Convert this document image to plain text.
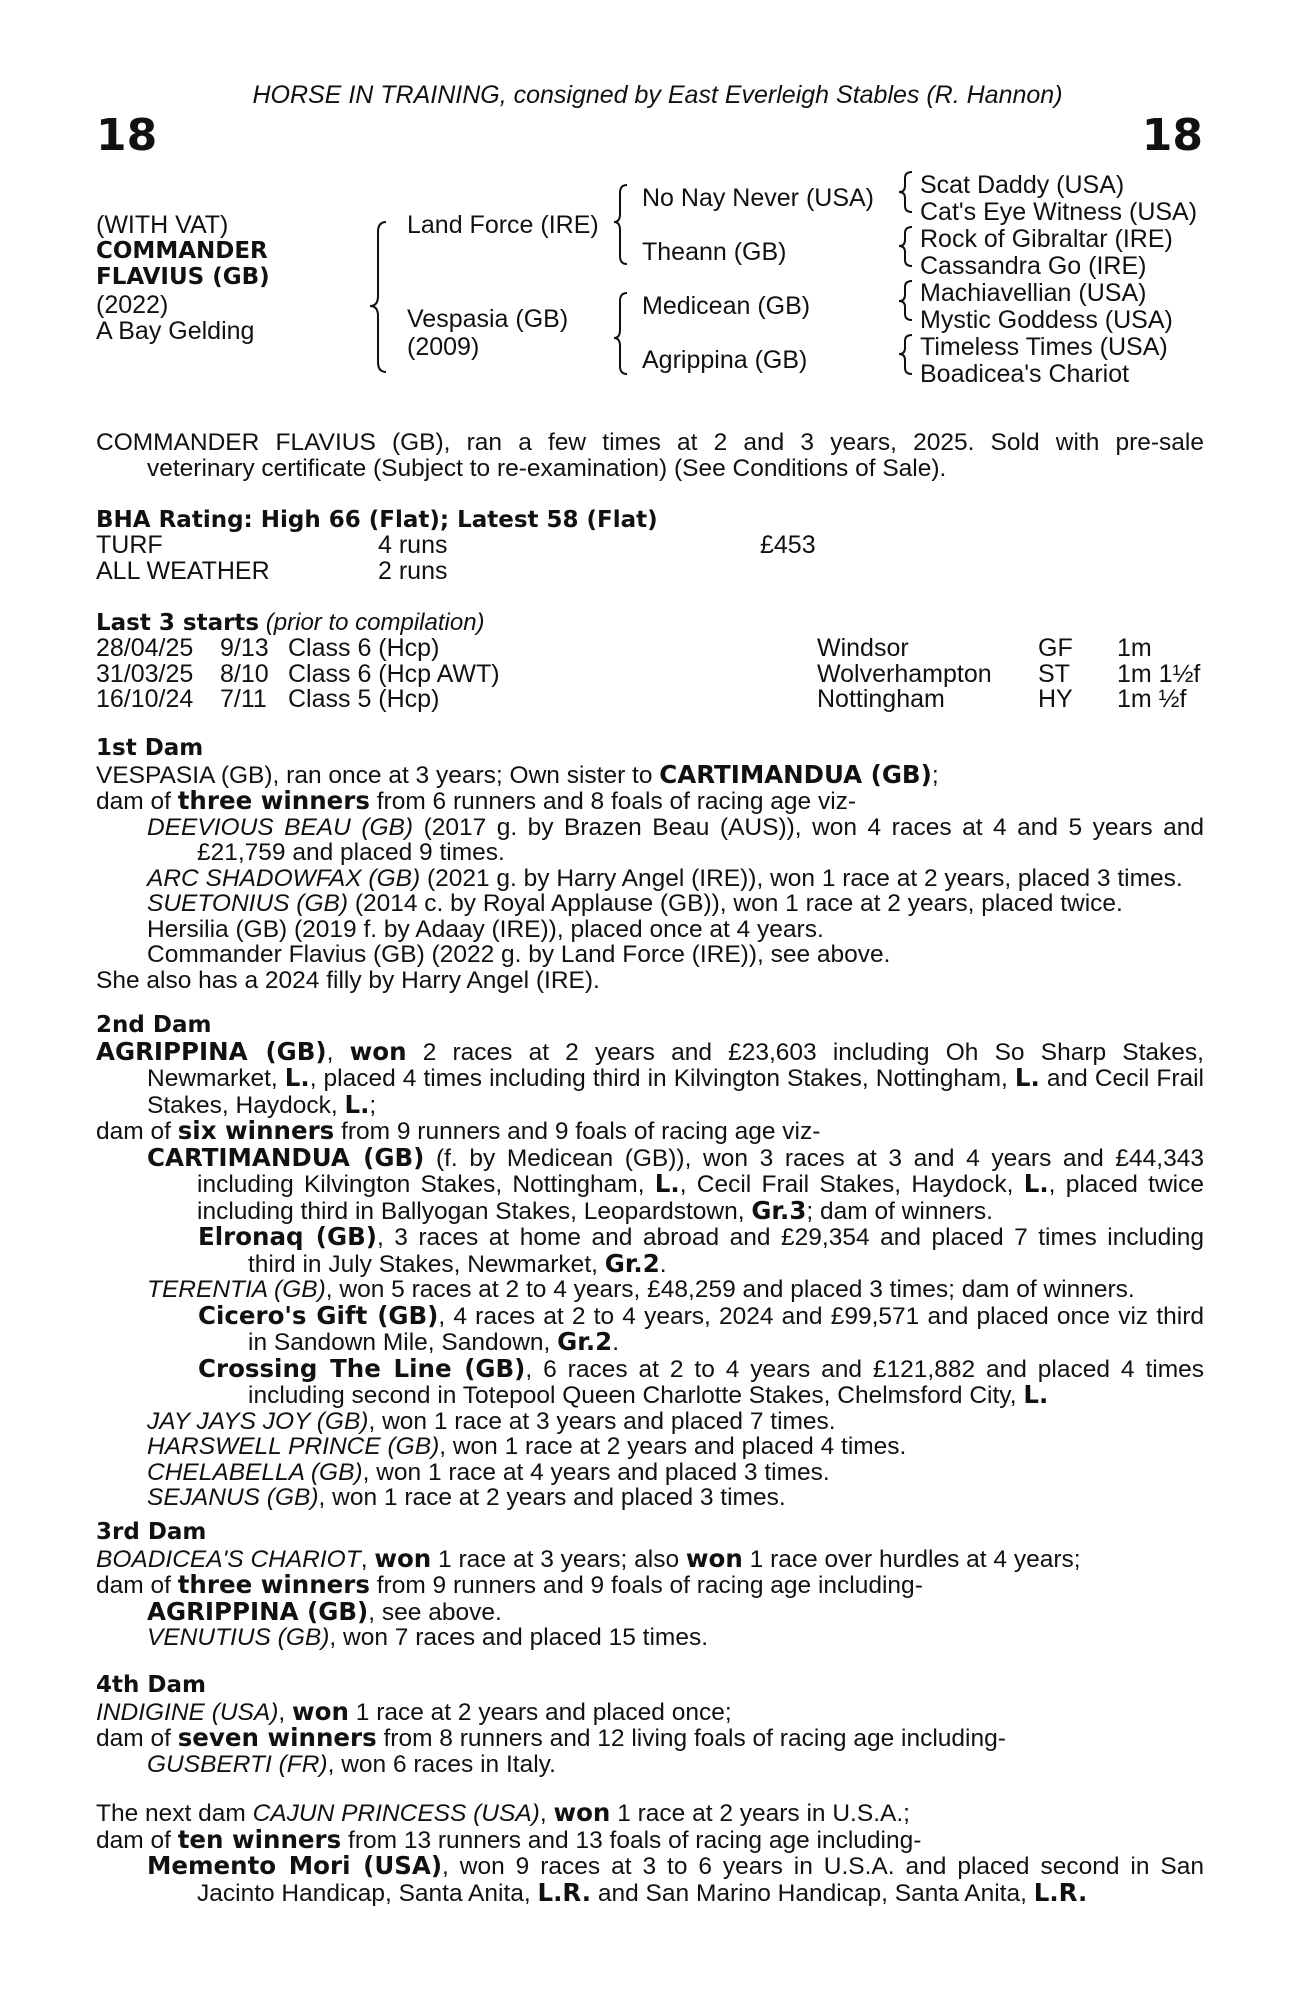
HORSE IN TRAINING, consigned by East Everleigh Stables (R. Hannon)
18	18
(WITH VAT)
COMMANDER
FLAVIUS (GB)
(2022)
A Bay Gelding
Land Force (IRE)
Vespasia (GB)
(2009)
No Nay Never (USA)
Theann (GB)
Medicean (GB)
Agrippina (GB)
Scat Daddy (USA)
Cat's Eye Witness (USA)
Rock of Gibraltar (IRE)
Cassandra Go (IRE)
Machiavellian (USA)
Mystic Goddess (USA)
Timeless Times (USA)
Boadicea's Chariot

COMMANDER FLAVIUS (GB), ran a few times at 2 and 3 years, 2025. Sold with pre-sale

veterinary certificate (Subject to re-examination) (See Conditions of Sale).

BHA Rating: High 66 (Flat); Latest 58 (Flat)
TURF	4 runs	£453
ALL WEATHER	2 runs
Last 3 starts (prior to compilation)
28/04/25 9/13 Class 6 (Hcp)	Windsor	GF 1m
31/03/25 8/10 Class 6 (Hcp AWT)	Wolverhampton ST 1m 1½f
16/10/24 7/11 Class 5 (Hcp)	Nottingham	HY 1m ½f

1st Dam

VESPASIA (GB), ran once at 3 years; Own sister to CARTIMANDUA (GB);

dam of three winners from 6 runners and 8 foals of racing age viz-

DEEVIOUS BEAU (GB) (2017 g. by Brazen Beau (AUS)), won 4 races at 4 and 5 years and £21,759 and placed 9 times.

ARC SHADOWFAX (GB) (2021 g. by Harry Angel (IRE)), won 1 race at 2 years, placed 3 times.

SUETONIUS (GB) (2014 c. by Royal Applause (GB)), won 1 race at 2 years, placed twice.

Hersilia (GB) (2019 f. by Adaay (IRE)), placed once at 4 years.

Commander Flavius (GB) (2022 g. by Land Force (IRE)), see above.

She also has a 2024 filly by Harry Angel (IRE).

2nd Dam

AGRIPPINA (GB), won 2 races at 2 years and £23,603 including Oh So Sharp Stakes, Newmarket, L., placed 4 times including third in Kilvington Stakes, Nottingham, L. and Cecil Frail Stakes, Haydock, L.;

dam of six winners from 9 runners and 9 foals of racing age viz-

CARTIMANDUA (GB) (f. by Medicean (GB)), won 3 races at 3 and 4 years and £44,343 including Kilvington Stakes, Nottingham, L., Cecil Frail Stakes, Haydock, L., placed twice including third in Ballyogan Stakes, Leopardstown, Gr.3; dam of winners.

Elronaq (GB), 3 races at home and abroad and £29,354 and placed 7 times including third in July Stakes, Newmarket, Gr.2.

TERENTIA (GB), won 5 races at 2 to 4 years, £48,259 and placed 3 times; dam of winners.

Cicero's Gift (GB), 4 races at 2 to 4 years, 2024 and £99,571 and placed once viz third in Sandown Mile, Sandown, Gr.2.

Crossing The Line (GB), 6 races at 2 to 4 years and £121,882 and placed 4 times including second in Totepool Queen Charlotte Stakes, Chelmsford City, L.

JAY JAYS JOY (GB), won 1 race at 3 years and placed 7 times.

HARSWELL PRINCE (GB), won 1 race at 2 years and placed 4 times.

CHELABELLA (GB), won 1 race at 4 years and placed 3 times.

SEJANUS (GB), won 1 race at 2 years and placed 3 times.

3rd Dam

BOADICEA'S CHARIOT, won 1 race at 3 years; also won 1 race over hurdles at 4 years;

dam of three winners from 9 runners and 9 foals of racing age including-

AGRIPPINA (GB), see above.

VENUTIUS (GB), won 7 races and placed 15 times.

4th Dam

INDIGINE (USA), won 1 race at 2 years and placed once;

dam of seven winners from 8 runners and 12 living foals of racing age including-

GUSBERTI (FR), won 6 races in Italy.

The next dam CAJUN PRINCESS (USA), won 1 race at 2 years in U.S.A.;

dam of ten winners from 13 runners and 13 foals of racing age including-

Memento Mori (USA), won 9 races at 3 to 6 years in U.S.A. and placed second in San Jacinto Handicap, Santa Anita, L.R. and San Marino Handicap, Santa Anita, L.R.
